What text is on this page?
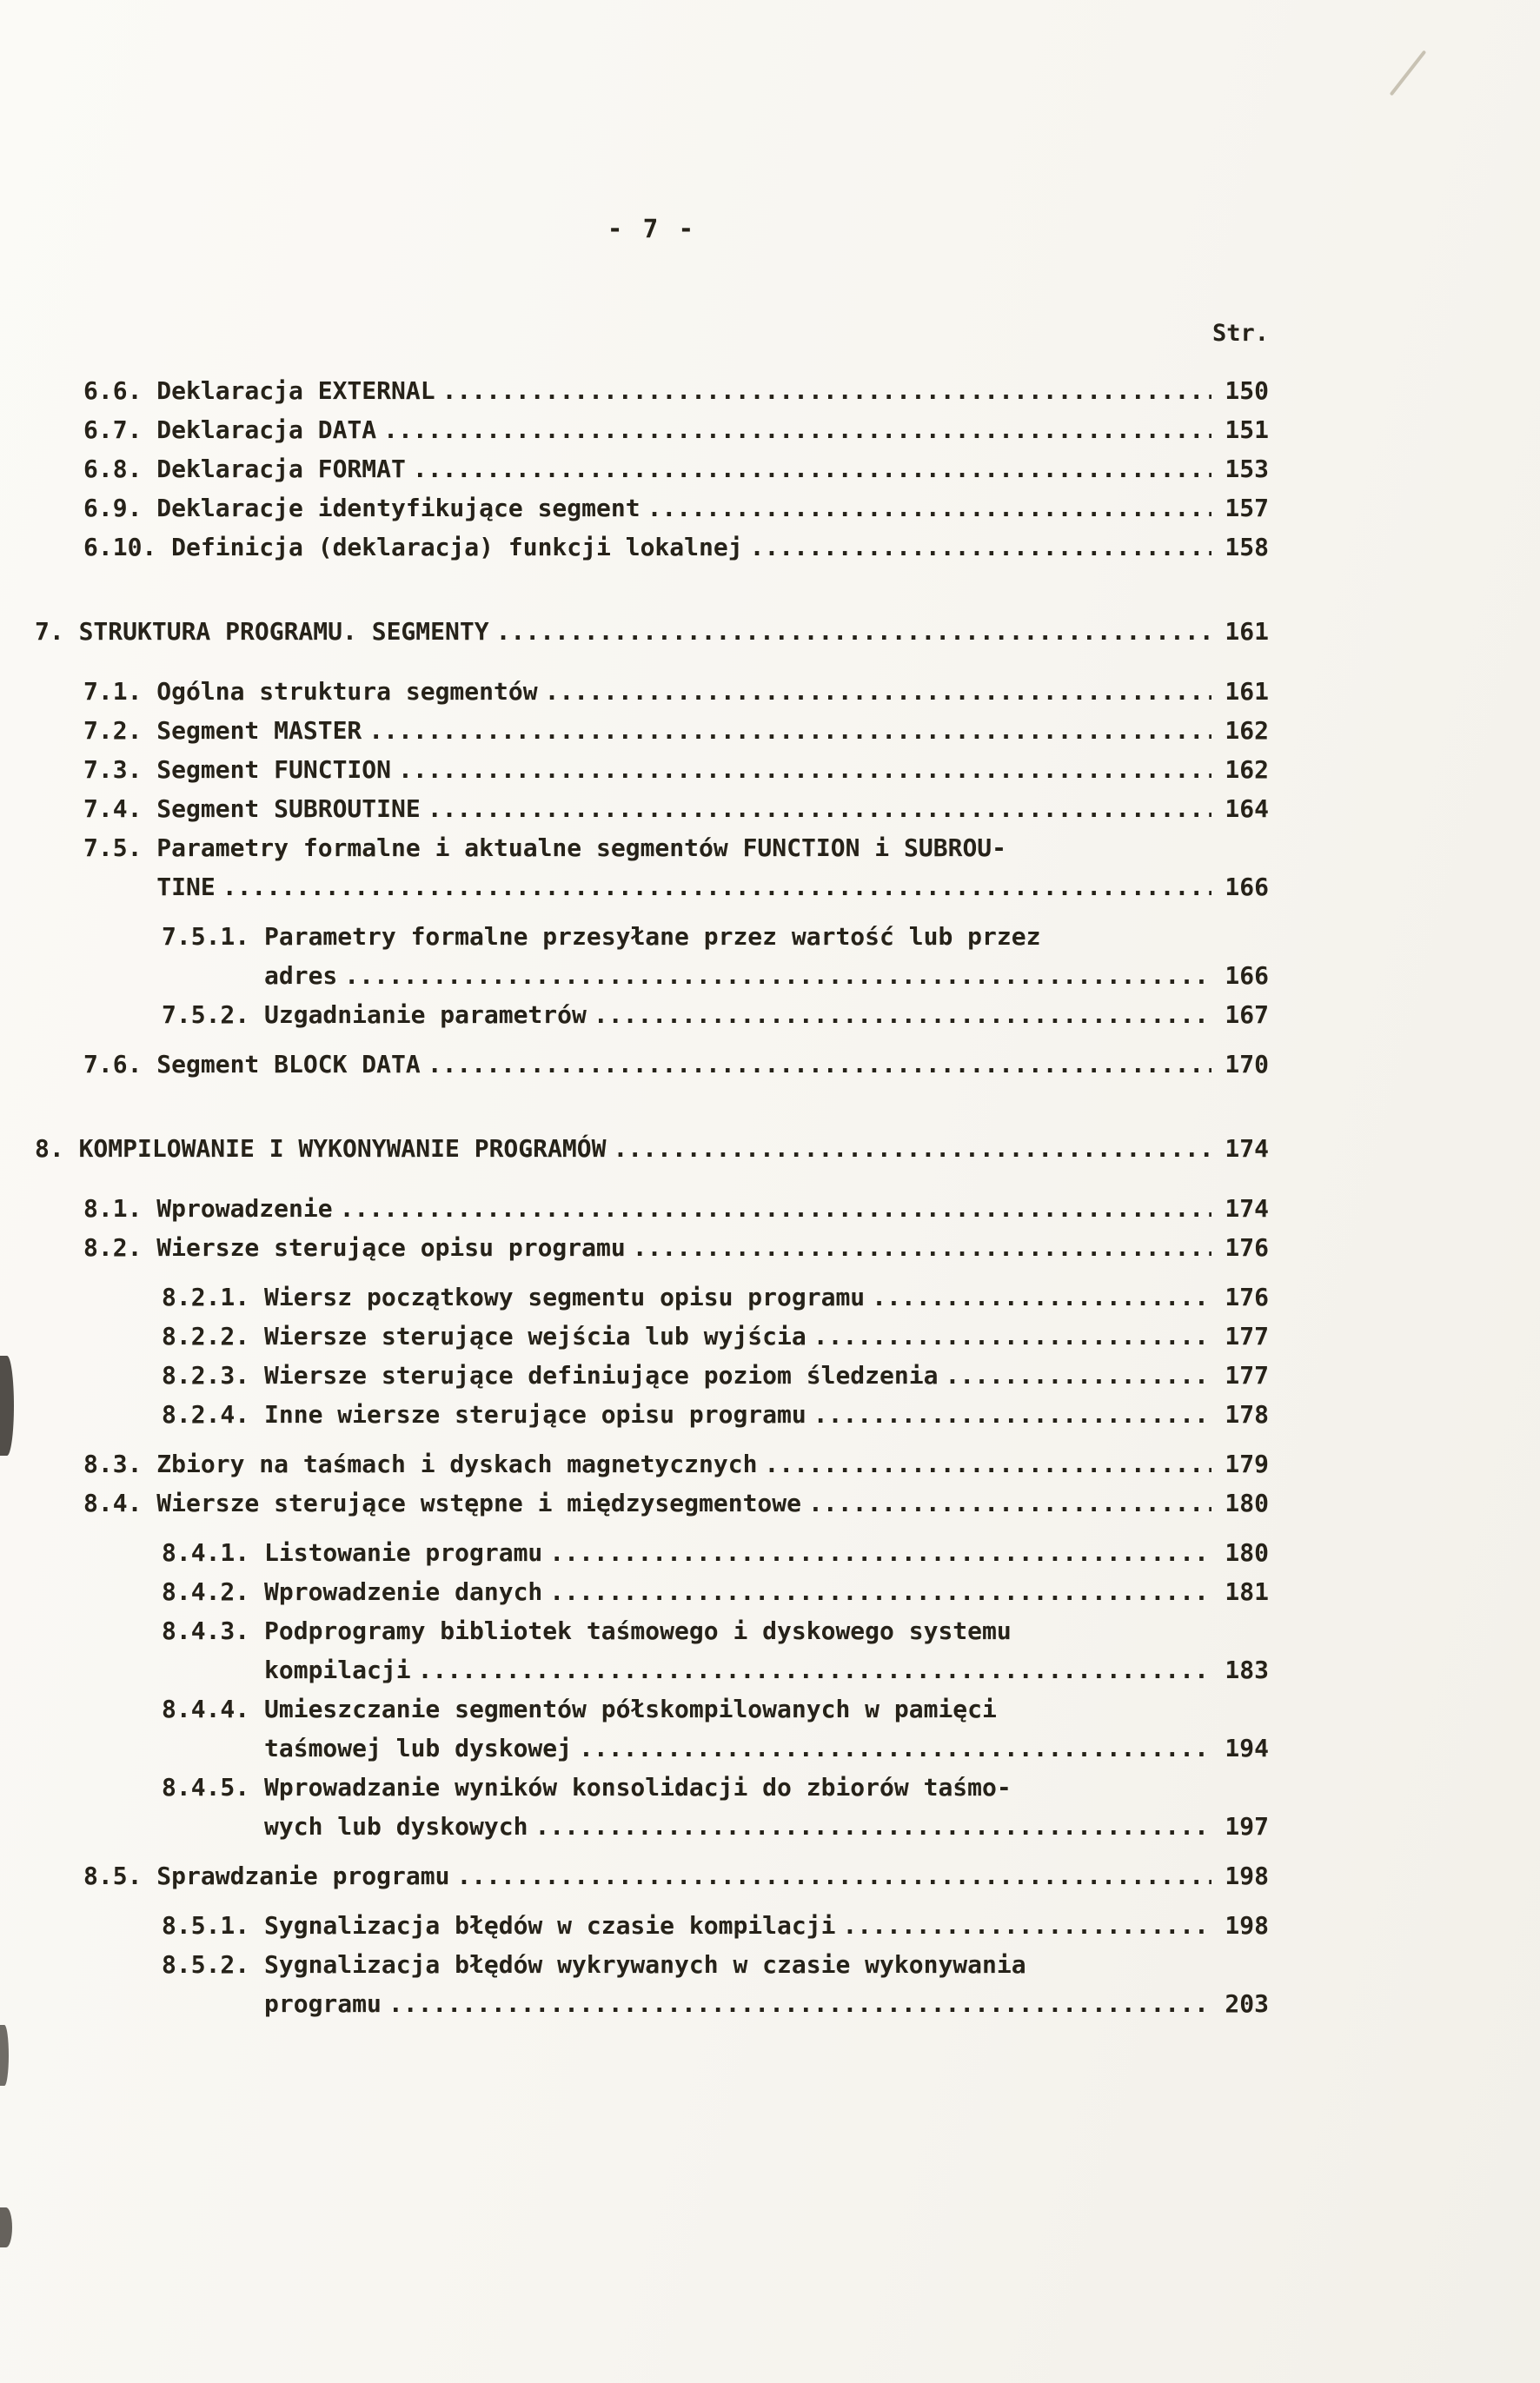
- 7 -
Str.
6.6. Deklaracja EXTERNAL .....	150
6.7. Deklaracja DATA .....	151
6.8. Deklaracja FORMAT .....	153
6.9. Deklaracje identyfikujące segment .....	157
6.10. Definicja (deklaracja) funkcji lokalnej .....	158
7. STRUKTURA PROGRAMU. SEGMENTY .....	161
7.1. Ogólna struktura segmentów .....	161
7.2. Segment MASTER .....	162
7.3. Segment FUNCTION .....	162
7.4. Segment SUBROUTINE .....	164
7.5. Parametry formalne i aktualne segmentów FUNCTION i SUBROU-
TINE .....	166
7.5.1. Parametry formalne przesyłane przez wartość lub przez
adres .....	166
7.5.2. Uzgadnianie parametrów .....	167
7.6. Segment BLOCK DATA .....	170
8. KOMPILOWANIE I WYKONYWANIE PROGRAMÓW .....	174
8.1. Wprowadzenie .....	174
8.2. Wiersze sterujące opisu programu .....	176
8.2.1. Wiersz początkowy segmentu opisu programu .....	176
8.2.2. Wiersze sterujące wejścia lub wyjścia .....	177
8.2.3. Wiersze sterujące definiujące poziom śledzenia .....	177
8.2.4. Inne wiersze sterujące opisu programu .....	178
8.3. Zbiory na taśmach i dyskach magnetycznych .....	179
8.4. Wiersze sterujące wstępne i międzysegmentowe .....	180
8.4.1. Listowanie programu .....	180
8.4.2. Wprowadzenie danych .....	181
8.4.3. Podprogramy bibliotek taśmowego i dyskowego systemu
kompilacji .....	183
8.4.4. Umieszczanie segmentów półskompilowanych w pamięci
taśmowej lub dyskowej .....	194
8.4.5. Wprowadzanie wyników konsolidacji do zbiorów taśmo-
wych lub dyskowych .....	197
8.5. Sprawdzanie programu .....	198
8.5.1. Sygnalizacja błędów w czasie kompilacji .....	198
8.5.2. Sygnalizacja błędów wykrywanych w czasie wykonywania
programu .....	203
